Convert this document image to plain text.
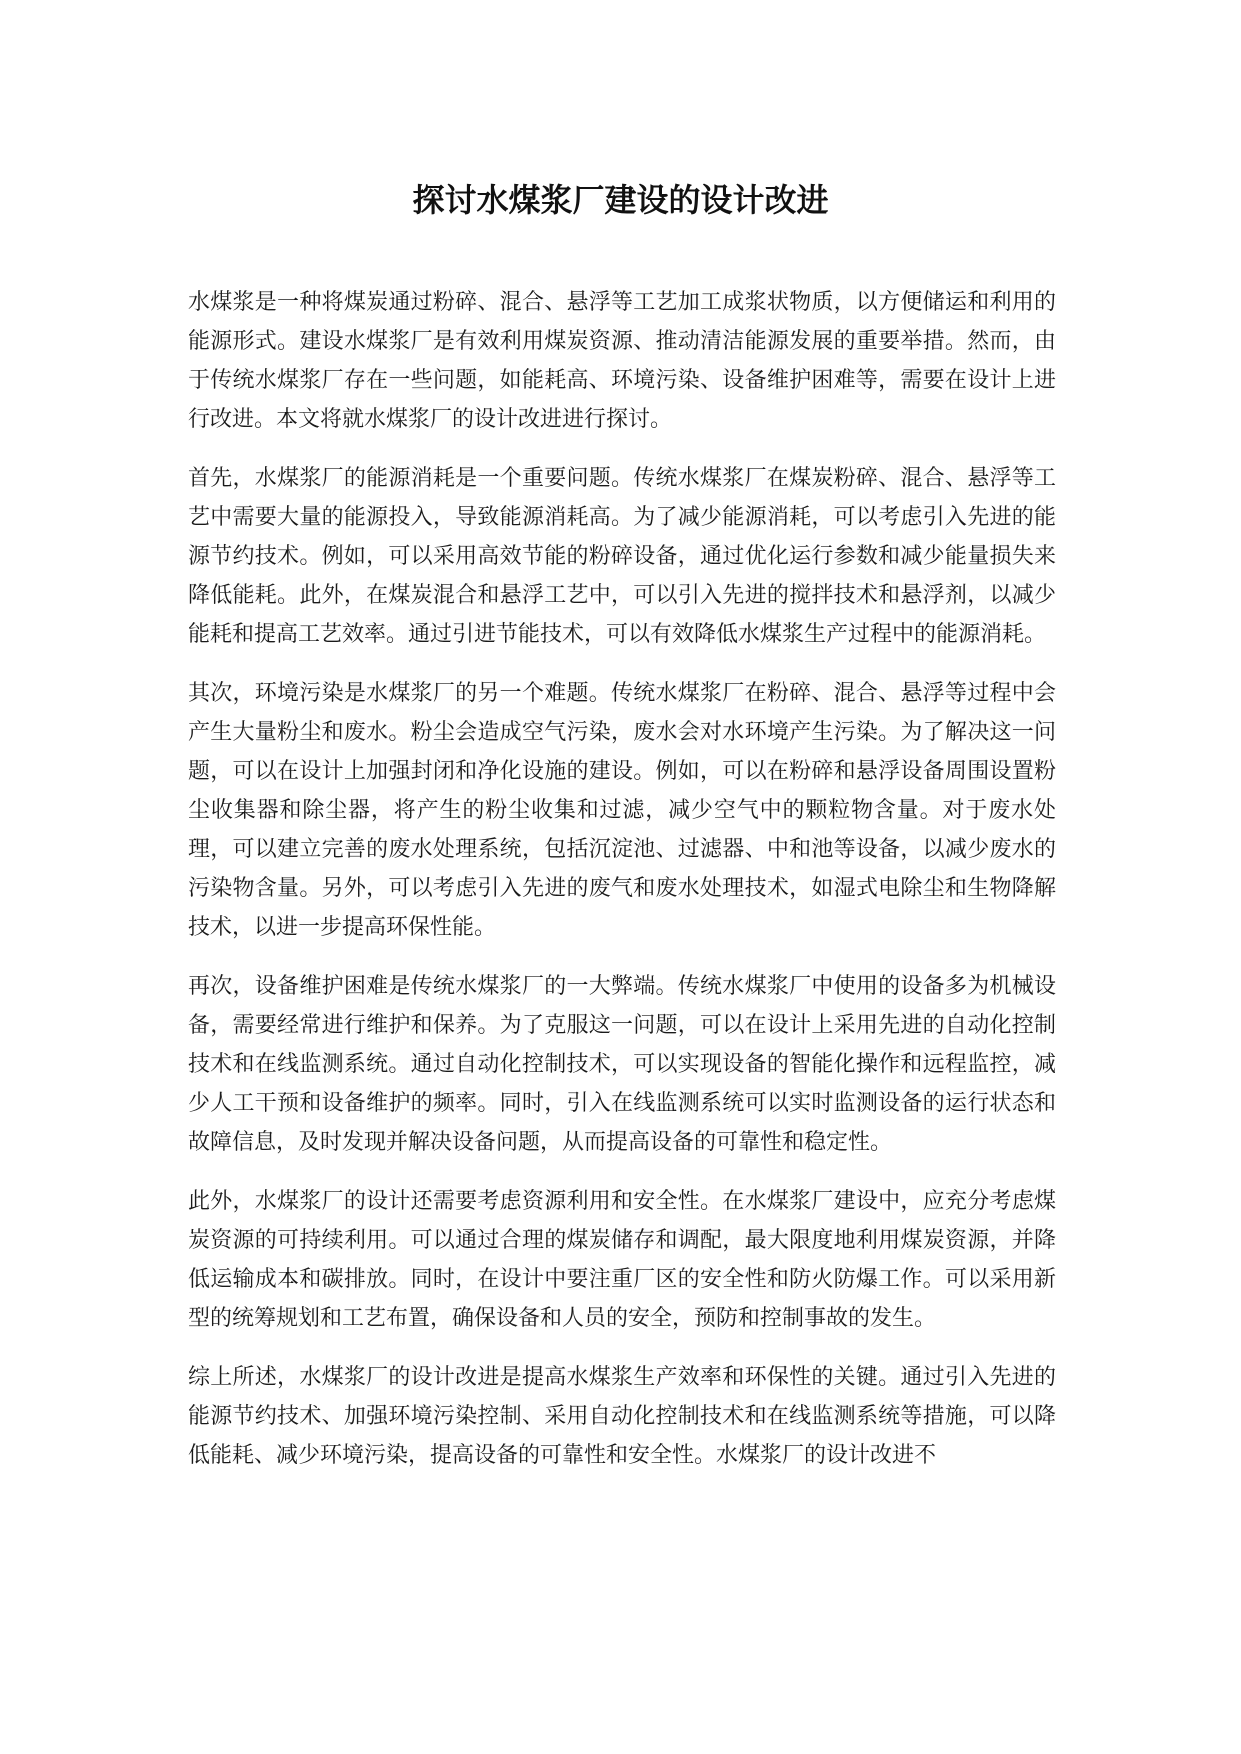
探讨水煤浆厂建设的设计改进

水煤浆是一种将煤炭通过粉碎、混合、悬浮等工艺加工成浆状物质，以方便储运和利用的能源形式。建设水煤浆厂是有效利用煤炭资源、推动清洁能源发展的重要举措。然而，由于传统水煤浆厂存在一些问题，如能耗高、环境污染、设备维护困难等，需要在设计上进行改进。本文将就水煤浆厂的设计改进进行探讨。

首先，水煤浆厂的能源消耗是一个重要问题。传统水煤浆厂在煤炭粉碎、混合、悬浮等工艺中需要大量的能源投入，导致能源消耗高。为了减少能源消耗，可以考虑引入先进的能源节约技术。例如，可以采用高效节能的粉碎设备，通过优化运行参数和减少能量损失来降低能耗。此外，在煤炭混合和悬浮工艺中，可以引入先进的搅拌技术和悬浮剂，以减少能耗和提高工艺效率。通过引进节能技术，可以有效降低水煤浆生产过程中的能源消耗。

其次，环境污染是水煤浆厂的另一个难题。传统水煤浆厂在粉碎、混合、悬浮等过程中会产生大量粉尘和废水。粉尘会造成空气污染，废水会对水环境产生污染。为了解决这一问题，可以在设计上加强封闭和净化设施的建设。例如，可以在粉碎和悬浮设备周围设置粉尘收集器和除尘器，将产生的粉尘收集和过滤，减少空气中的颗粒物含量。对于废水处理，可以建立完善的废水处理系统，包括沉淀池、过滤器、中和池等设备，以减少废水的污染物含量。另外，可以考虑引入先进的废气和废水处理技术，如湿式电除尘和生物降解技术，以进一步提高环保性能。

再次，设备维护困难是传统水煤浆厂的一大弊端。传统水煤浆厂中使用的设备多为机械设备，需要经常进行维护和保养。为了克服这一问题，可以在设计上采用先进的自动化控制技术和在线监测系统。通过自动化控制技术，可以实现设备的智能化操作和远程监控，减少人工干预和设备维护的频率。同时，引入在线监测系统可以实时监测设备的运行状态和故障信息，及时发现并解决设备问题，从而提高设备的可靠性和稳定性。

此外，水煤浆厂的设计还需要考虑资源利用和安全性。在水煤浆厂建设中，应充分考虑煤炭资源的可持续利用。可以通过合理的煤炭储存和调配，最大限度地利用煤炭资源，并降低运输成本和碳排放。同时，在设计中要注重厂区的安全性和防火防爆工作。可以采用新型的统筹规划和工艺布置，确保设备和人员的安全，预防和控制事故的发生。

综上所述，水煤浆厂的设计改进是提高水煤浆生产效率和环保性的关键。通过引入先进的能源节约技术、加强环境污染控制、采用自动化控制技术和在线监测系统等措施，可以降低能耗、减少环境污染，提高设备的可靠性和安全性。水煤浆厂的设计改进不
